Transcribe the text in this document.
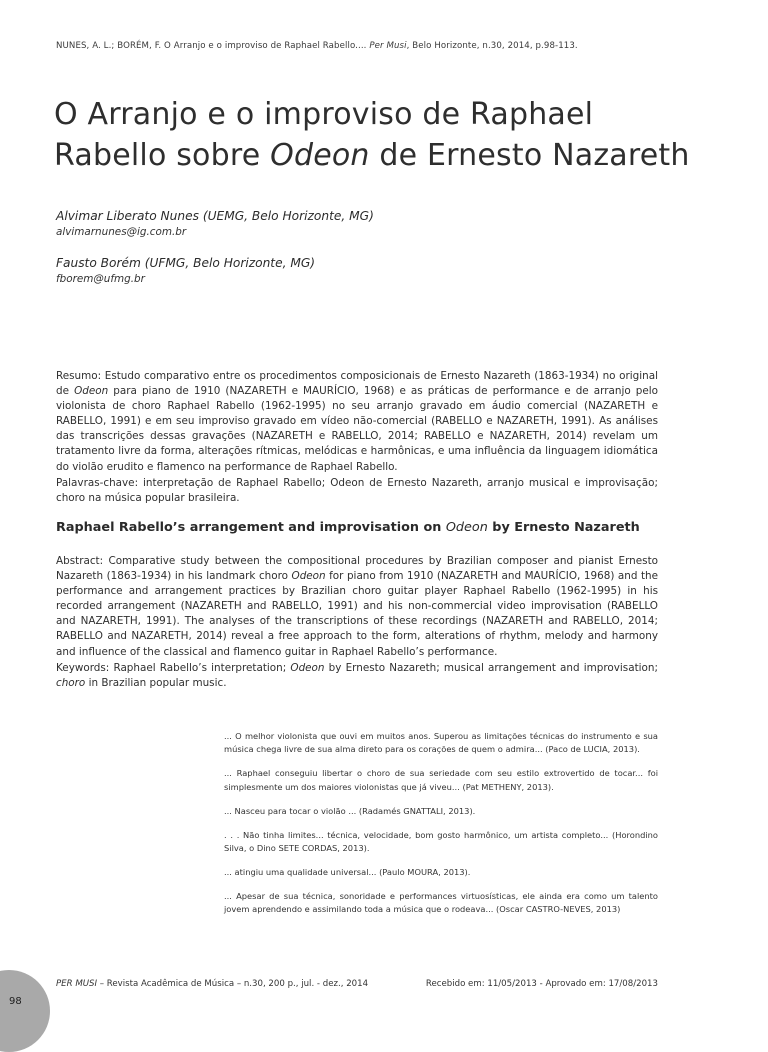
NUNES, A. L.; BORÉM, F. O Arranjo e o improviso de Raphael Rabello.... Per Musi, Belo Horizonte, n.30, 2014, p.98-113.
O Arranjo e o improviso de Raphael
Rabello sobre Odeon de Ernesto Nazareth
Alvimar Liberato Nunes (UEMG, Belo Horizonte, MG)
alvimarnunes@ig.com.br
Fausto Borém (UFMG, Belo Horizonte, MG)
fborem@ufmg.br

Resumo: Estudo comparativo entre os procedimentos composicionais de Ernesto Nazareth (1863-1934) no original de Odeon para piano de 1910 (NAZARETH e MAURÍCIO, 1968) e as práticas de performance e de arranjo pelo violonista de choro Raphael Rabello (1962-1995) no seu arranjo gravado em áudio comercial (NAZARETH e RABELLO, 1991) e em seu improviso gravado em vídeo não-comercial (RABELLO e NAZARETH, 1991). As análises das transcrições dessas gravações (NAZARETH e RABELLO, 2014; RABELLO e NAZARETH, 2014) revelam um tratamento livre da forma, alterações rítmicas, melódicas e harmônicas, e uma influência da linguagem idiomática do violão erudito e flamenco na performance de Raphael Rabello.

Palavras-chave: interpretação de Raphael Rabello; Odeon de Ernesto Nazareth, arranjo musical e improvisação; choro na música popular brasileira.

Raphael Rabello’s arrangement and improvisation on Odeon by Ernesto Nazareth

Abstract: Comparative study between the compositional procedures by Brazilian composer and pianist Ernesto Nazareth (1863-1934) in his landmark choro Odeon for piano from 1910 (NAZARETH and MAURÍCIO, 1968) and the performance and arrangement practices by Brazilian choro guitar player Raphael Rabello (1962-1995) in his recorded arrangement (NAZARETH and RABELLO, 1991) and his non-commercial video improvisation (RABELLO and NAZARETH, 1991). The analyses of the transcriptions of these recordings (NAZARETH and RABELLO, 2014; RABELLO and NAZARETH, 2014) reveal a free approach to the form, alterations of rhythm, melody and harmony and influence of the classical and flamenco guitar in Raphael Rabello’s performance.

Keywords: Raphael Rabello’s interpretation; Odeon by Ernesto Nazareth; musical arrangement and improvisation; choro in Brazilian popular music.

... O melhor violonista que ouvi em muitos anos. Superou as limitações técnicas do instrumento e sua música chega livre de sua alma direto para os corações de quem o admira... (Paco de LUCIA, 2013).

... Raphael conseguiu libertar o choro de sua seriedade com seu estilo extrovertido de tocar... foi simplesmente um dos maiores violonistas que já viveu... (Pat METHENY, 2013).

... Nasceu para tocar o violão ... (Radamés GNATTALI, 2013).

. . . Não tinha limites... técnica, velocidade, bom gosto harmônico, um artista completo... (Horondino Silva, o Dino SETE CORDAS, 2013).

... atingiu uma qualidade universal... (Paulo MOURA, 2013).

... Apesar de sua técnica, sonoridade e performances virtuosísticas, ele ainda era como um talento jovem aprendendo e assimilando toda a música que o rodeava... (Oscar CASTRO-NEVES, 2013)

PER MUSI – Revista Acadêmica de Música – n.30, 200 p., jul. - dez., 2014	Recebido em: 11/05/2013 - Aprovado em: 17/08/2013
98
